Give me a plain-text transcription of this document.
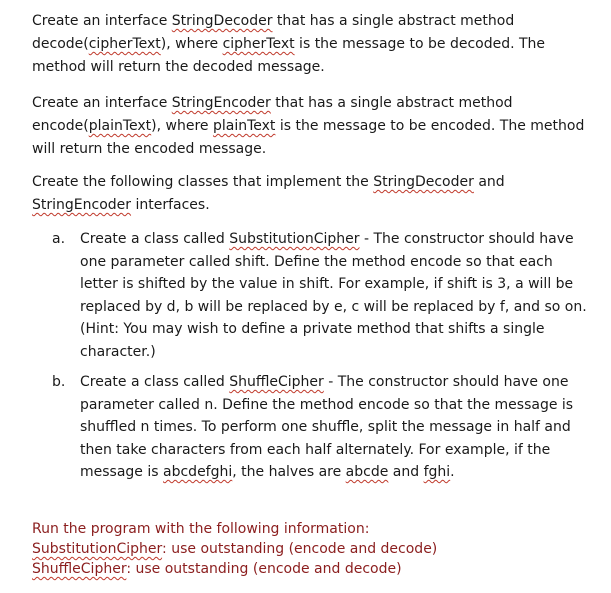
Create an interface StringDecoder that has a single abstract method decode(cipherText), where cipherText is the message to be decoded. The method will return the decoded message.

Create an interface StringEncoder that has a single abstract method encode(plainText), where plainText is the message to be encoded. The method will return the encoded message.

Create the following classes that implement the StringDecoder and StringEncoder interfaces.

a. Create a class called SubstitutionCipher - The constructor should have one parameter called shift. Define the method encode so that each letter is shifted by the value in shift. For example, if shift is 3, a will be replaced by d, b will be replaced by e, c will be replaced by f, and so on. (Hint: You may wish to define a private method that shifts a single character.)
b. Create a class called ShuffleCipher - The constructor should have one parameter called n. Define the method encode so that the message is shuffled n times. To perform one shuffle, split the message in half and then take characters from each half alternately. For example, if the message is abcdefghi, the halves are abcde and fghi.
Run the program with the following information:
SubstitutionCipher: use outstanding (encode and decode)
ShuffleCipher: use outstanding (encode and decode)
